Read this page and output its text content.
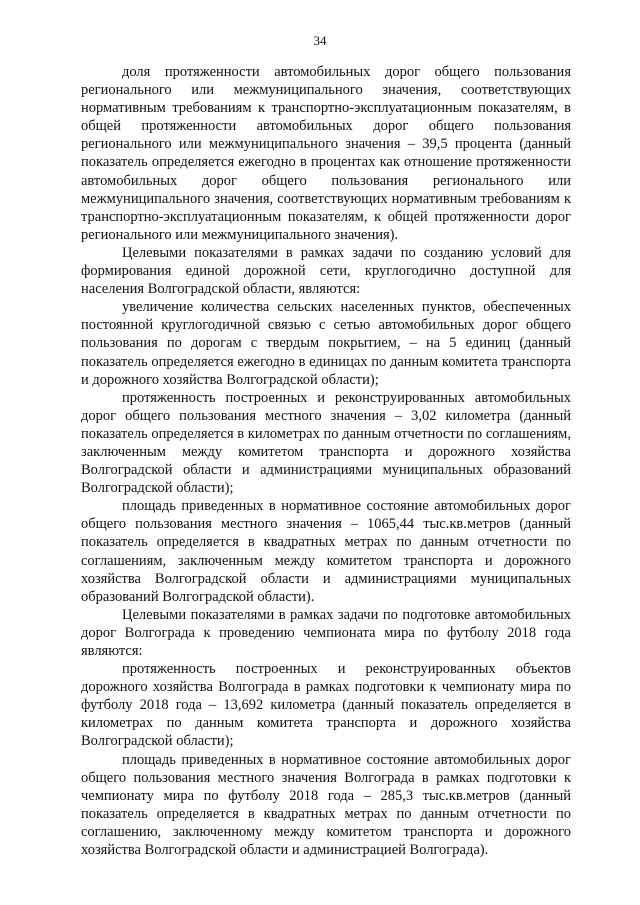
34

доля протяженности автомобильных дорог общего пользования регионального или межмуниципального значения, соответствующих нормативным требованиям к транспортно-эксплуатационным показателям, в общей протяженности автомобильных дорог общего пользования регионального или межмуниципального значения – 39,5 процента (данный показатель определяется ежегодно в процентах как отношение протяженности автомобильных дорог общего пользования регионального или межмуниципального значения, соответствующих нормативным требованиям к транспортно-эксплуатационным показателям, к общей протяженности дорог регионального или межмуниципального значения).

Целевыми показателями в рамках задачи по созданию условий для формирования единой дорожной сети, круглогодично доступной для населения Волгоградской области, являются:

увеличение количества сельских населенных пунктов, обеспеченных постоянной круглогодичной связью с сетью автомобильных дорог общего пользования по дорогам с твердым покрытием, – на 5 единиц (данный показатель определяется ежегодно в единицах по данным комитета транспорта и дорожного хозяйства Волгоградской области);

протяженность построенных и реконструированных автомобильных дорог общего пользования местного значения – 3,02 километра (данный показатель определяется в километрах по данным отчетности по соглашениям, заключенным между комитетом транспорта и дорожного хозяйства Волгоградской области и администрациями муниципальных образований Волгоградской области);

площадь приведенных в нормативное состояние автомобильных дорог общего пользования местного значения – 1065,44 тыс.кв.метров (данный показатель определяется в квадратных метрах по данным отчетности по соглашениям, заключенным между комитетом транспорта и дорожного хозяйства Волгоградской области и администрациями муниципальных образований Волгоградской области).

Целевыми показателями в рамках задачи по подготовке автомобильных дорог Волгограда к проведению чемпионата мира по футболу 2018 года являются:

протяженность построенных и реконструированных объектов дорожного хозяйства Волгограда в рамках подготовки к чемпионату мира по футболу 2018 года – 13,692 километра (данный показатель определяется в километрах по данным комитета транспорта и дорожного хозяйства Волгоградской области);

площадь приведенных в нормативное состояние автомобильных дорог общего пользования местного значения Волгограда в рамках подготовки к чемпионату мира по футболу 2018 года – 285,3 тыс.кв.метров (данный показатель определяется в квадратных метрах по данным отчетности по соглашению, заключенному между комитетом транспорта и дорожного хозяйства Волгоградской области и администрацией Волгограда).
